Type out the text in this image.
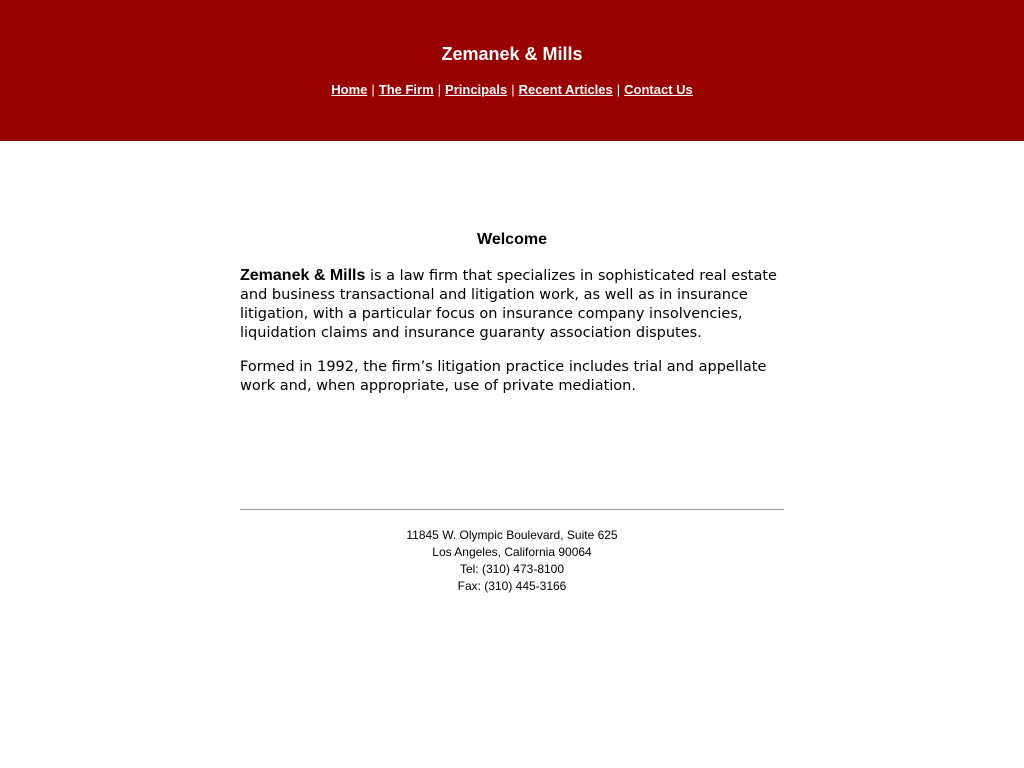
Zemanek & Mills
Home | The Firm | Principals | Recent Articles | Contact Us
Welcome

Zemanek & Mills is a law firm that specializes in sophisticated real estate and business transactional and litigation work, as well as in insurance litigation, with a particular focus on insurance company insolvencies, liquidation claims and insurance guaranty association disputes.

Formed in 1992, the firm’s litigation practice includes trial and appellate work and, when appropriate, use of private mediation.

11845 W. Olympic Boulevard, Suite 625
Los Angeles, California 90064
Tel: (310) 473-8100
Fax: (310) 445-3166
